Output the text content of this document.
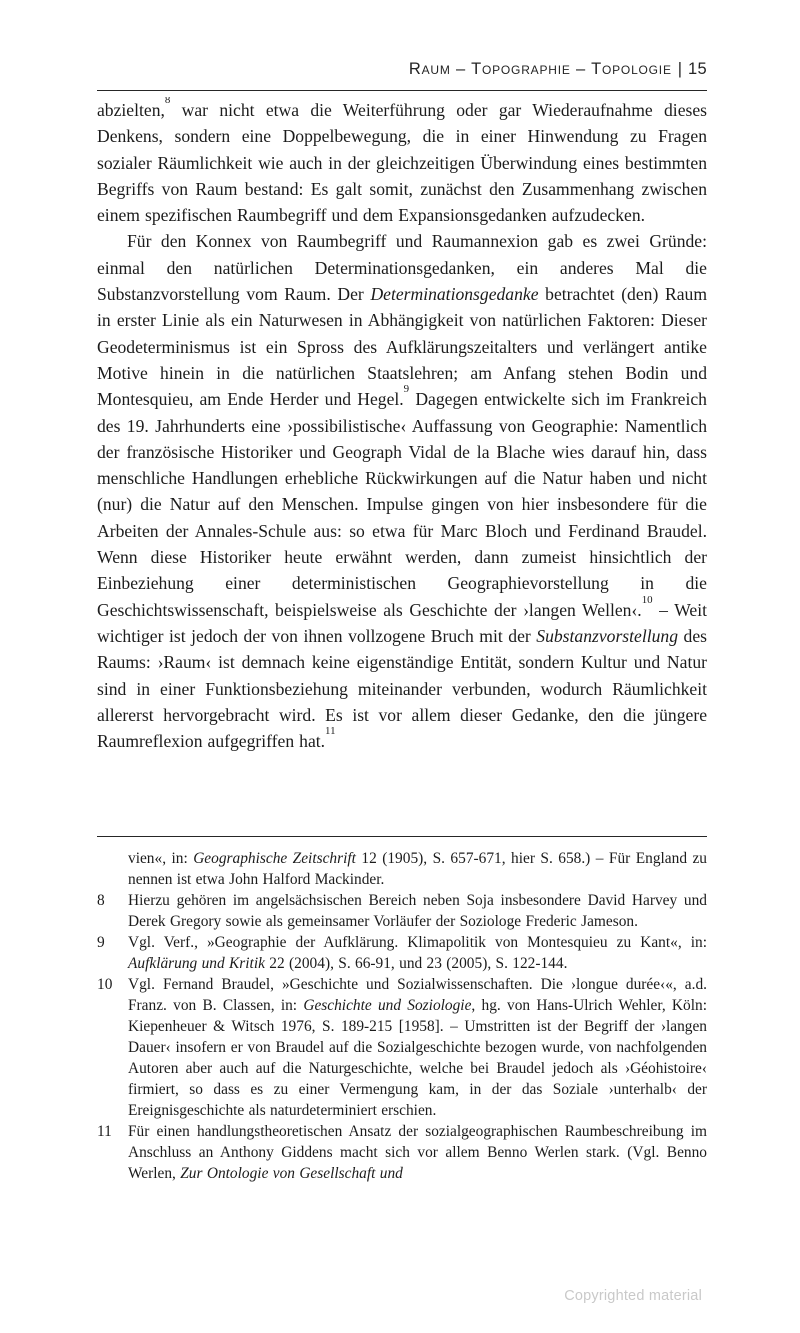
Raum – Topographie – Topologie | 15

abzielten,$^8$ war nicht etwa die Weiterführung oder gar Wiederaufnahme dieses Denkens, sondern eine Doppelbewegung, die in einer Hinwendung zu Fragen sozialer Räumlichkeit wie auch in der gleichzeitigen Überwindung eines bestimmten Begriffs von Raum bestand: Es galt somit, zunächst den Zusammenhang zwischen einem spezifischen Raumbegriff und dem Expansionsgedanken aufzudecken.

Für den Konnex von Raumbegriff und Raumannexion gab es zwei Gründe: einmal den natürlichen Determinationsgedanken, ein anderes Mal die Substanzvorstellung vom Raum. Der Determinationsgedanke betrachtet (den) Raum in erster Linie als ein Naturwesen in Abhängigkeit von natürlichen Faktoren: Dieser Geodeterminismus ist ein Spross des Aufklärungszeitalters und verlängert antike Motive hinein in die natürlichen Staatslehren; am Anfang stehen Bodin und Montesquieu, am Ende Herder und Hegel.$^9$ Dagegen entwickelte sich im Frankreich des 19. Jahrhunderts eine ›possibilistische‹ Auffassung von Geographie: Namentlich der französische Historiker und Geograph Vidal de la Blache wies darauf hin, dass menschliche Handlungen erhebliche Rückwirkungen auf die Natur haben und nicht (nur) die Natur auf den Menschen. Impulse gingen von hier insbesondere für die Arbeiten der Annales-Schule aus: so etwa für Marc Bloch und Ferdinand Braudel. Wenn diese Historiker heute erwähnt werden, dann zumeist hinsichtlich der Einbeziehung einer deterministischen Geographievorstellung in die Geschichtswissenschaft, beispielsweise als Geschichte der ›langen Wellen‹.$^{10}$ – Weit wichtiger ist jedoch der von ihnen vollzogene Bruch mit der Substanzvorstellung des Raums: ›Raum‹ ist demnach keine eigenständige Entität, sondern Kultur und Natur sind in einer Funktionsbeziehung miteinander verbunden, wodurch Räumlichkeit allererst hervorgebracht wird. Es ist vor allem dieser Gedanke, den die jüngere Raumreflexion aufgegriffen hat.$^{11}$

vien«, in: Geographische Zeitschrift 12 (1905), S. 657-671, hier S. 658.) – Für England zu nennen ist etwa John Halford Mackinder.
8 Hierzu gehören im angelsächsischen Bereich neben Soja insbesondere David Harvey und Derek Gregory sowie als gemeinsamer Vorläufer der Soziologe Frederic Jameson.
9 Vgl. Verf., »Geographie der Aufklärung. Klimapolitik von Montesquieu zu Kant«, in: Aufklärung und Kritik 22 (2004), S. 66-91, und 23 (2005), S. 122-144.
10 Vgl. Fernand Braudel, »Geschichte und Sozialwissenschaften. Die ›longue durée‹«, a.d. Franz. von B. Classen, in: Geschichte und Soziologie, hg. von Hans-Ulrich Wehler, Köln: Kiepenheuer & Witsch 1976, S. 189-215 [1958]. – Umstritten ist der Begriff der ›langen Dauer‹ insofern er von Braudel auf die Sozialgeschichte bezogen wurde, von nachfolgenden Autoren aber auch auf die Naturgeschichte, welche bei Braudel jedoch als ›Géohistoire‹ firmiert, so dass es zu einer Vermengung kam, in der das Soziale ›unterhalb‹ der Ereignisgeschichte als naturdeterminiert erschien.
11 Für einen handlungstheoretischen Ansatz der sozialgeographischen Raumbeschreibung im Anschluss an Anthony Giddens macht sich vor allem Benno Werlen stark. (Vgl. Benno Werlen, Zur Ontologie von Gesellschaft und
Copyrighted material
